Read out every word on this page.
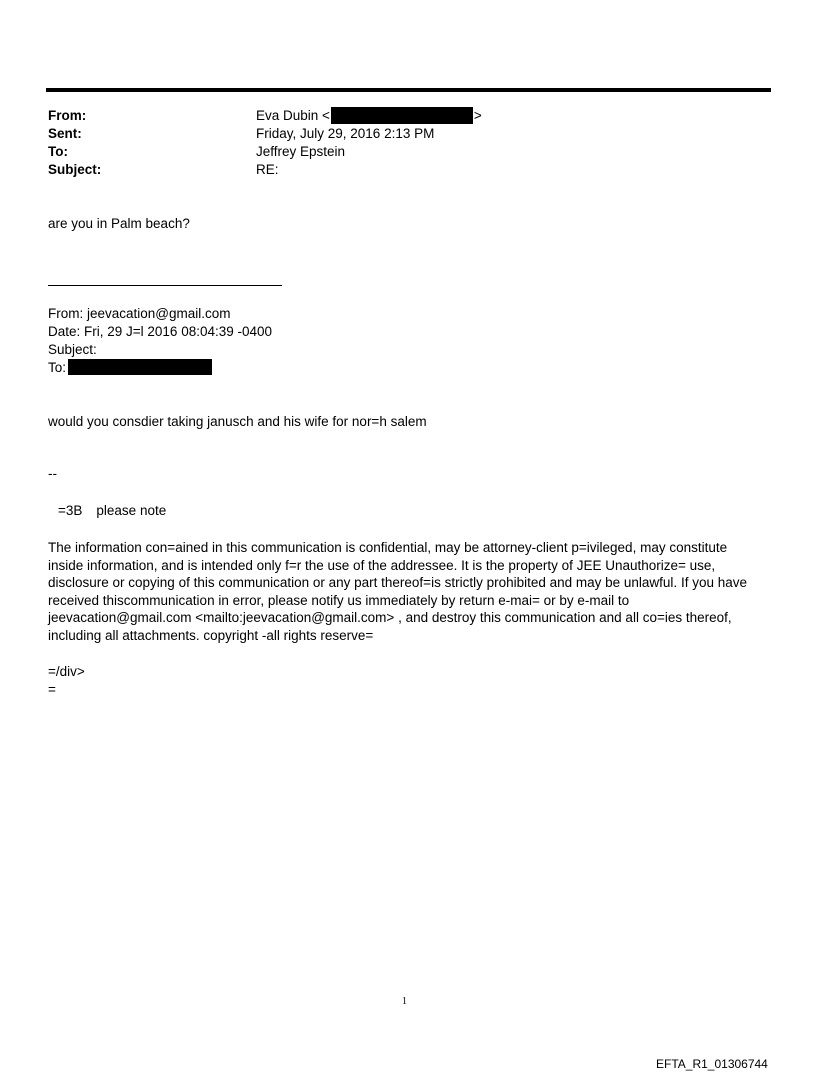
From:	Eva Dubin <	>
Sent:	Friday, July 29, 2016 2:13 PM
To:	Jeffrey Epstein
Subject:	RE:
are you in Palm beach?
From: jeevacation@gmail.com
Date: Fri, 29 J=l 2016 08:04:39 -0400
Subject:
To:
would you consdier taking janusch and his wife for nor=h salem
--
=3B please note
The information con=ained in this communication is confidential, may be attorney-client p=ivileged, may constitute
inside information, and is intended only f=r the use of the addressee. It is the property of JEE Unauthorize= use,
disclosure or copying of this communication or any part thereof=is strictly prohibited and may be unlawful. If you have
received thiscommunication in error, please notify us immediately by return e-mai= or by e-mail to
jeevacation@gmail.com <mailto:jeevacation@gmail.com> , and destroy this communication and all co=ies thereof,
including all attachments. copyright -all rights reserve=
=/div>
=
1
EFTA_R1_01306744
